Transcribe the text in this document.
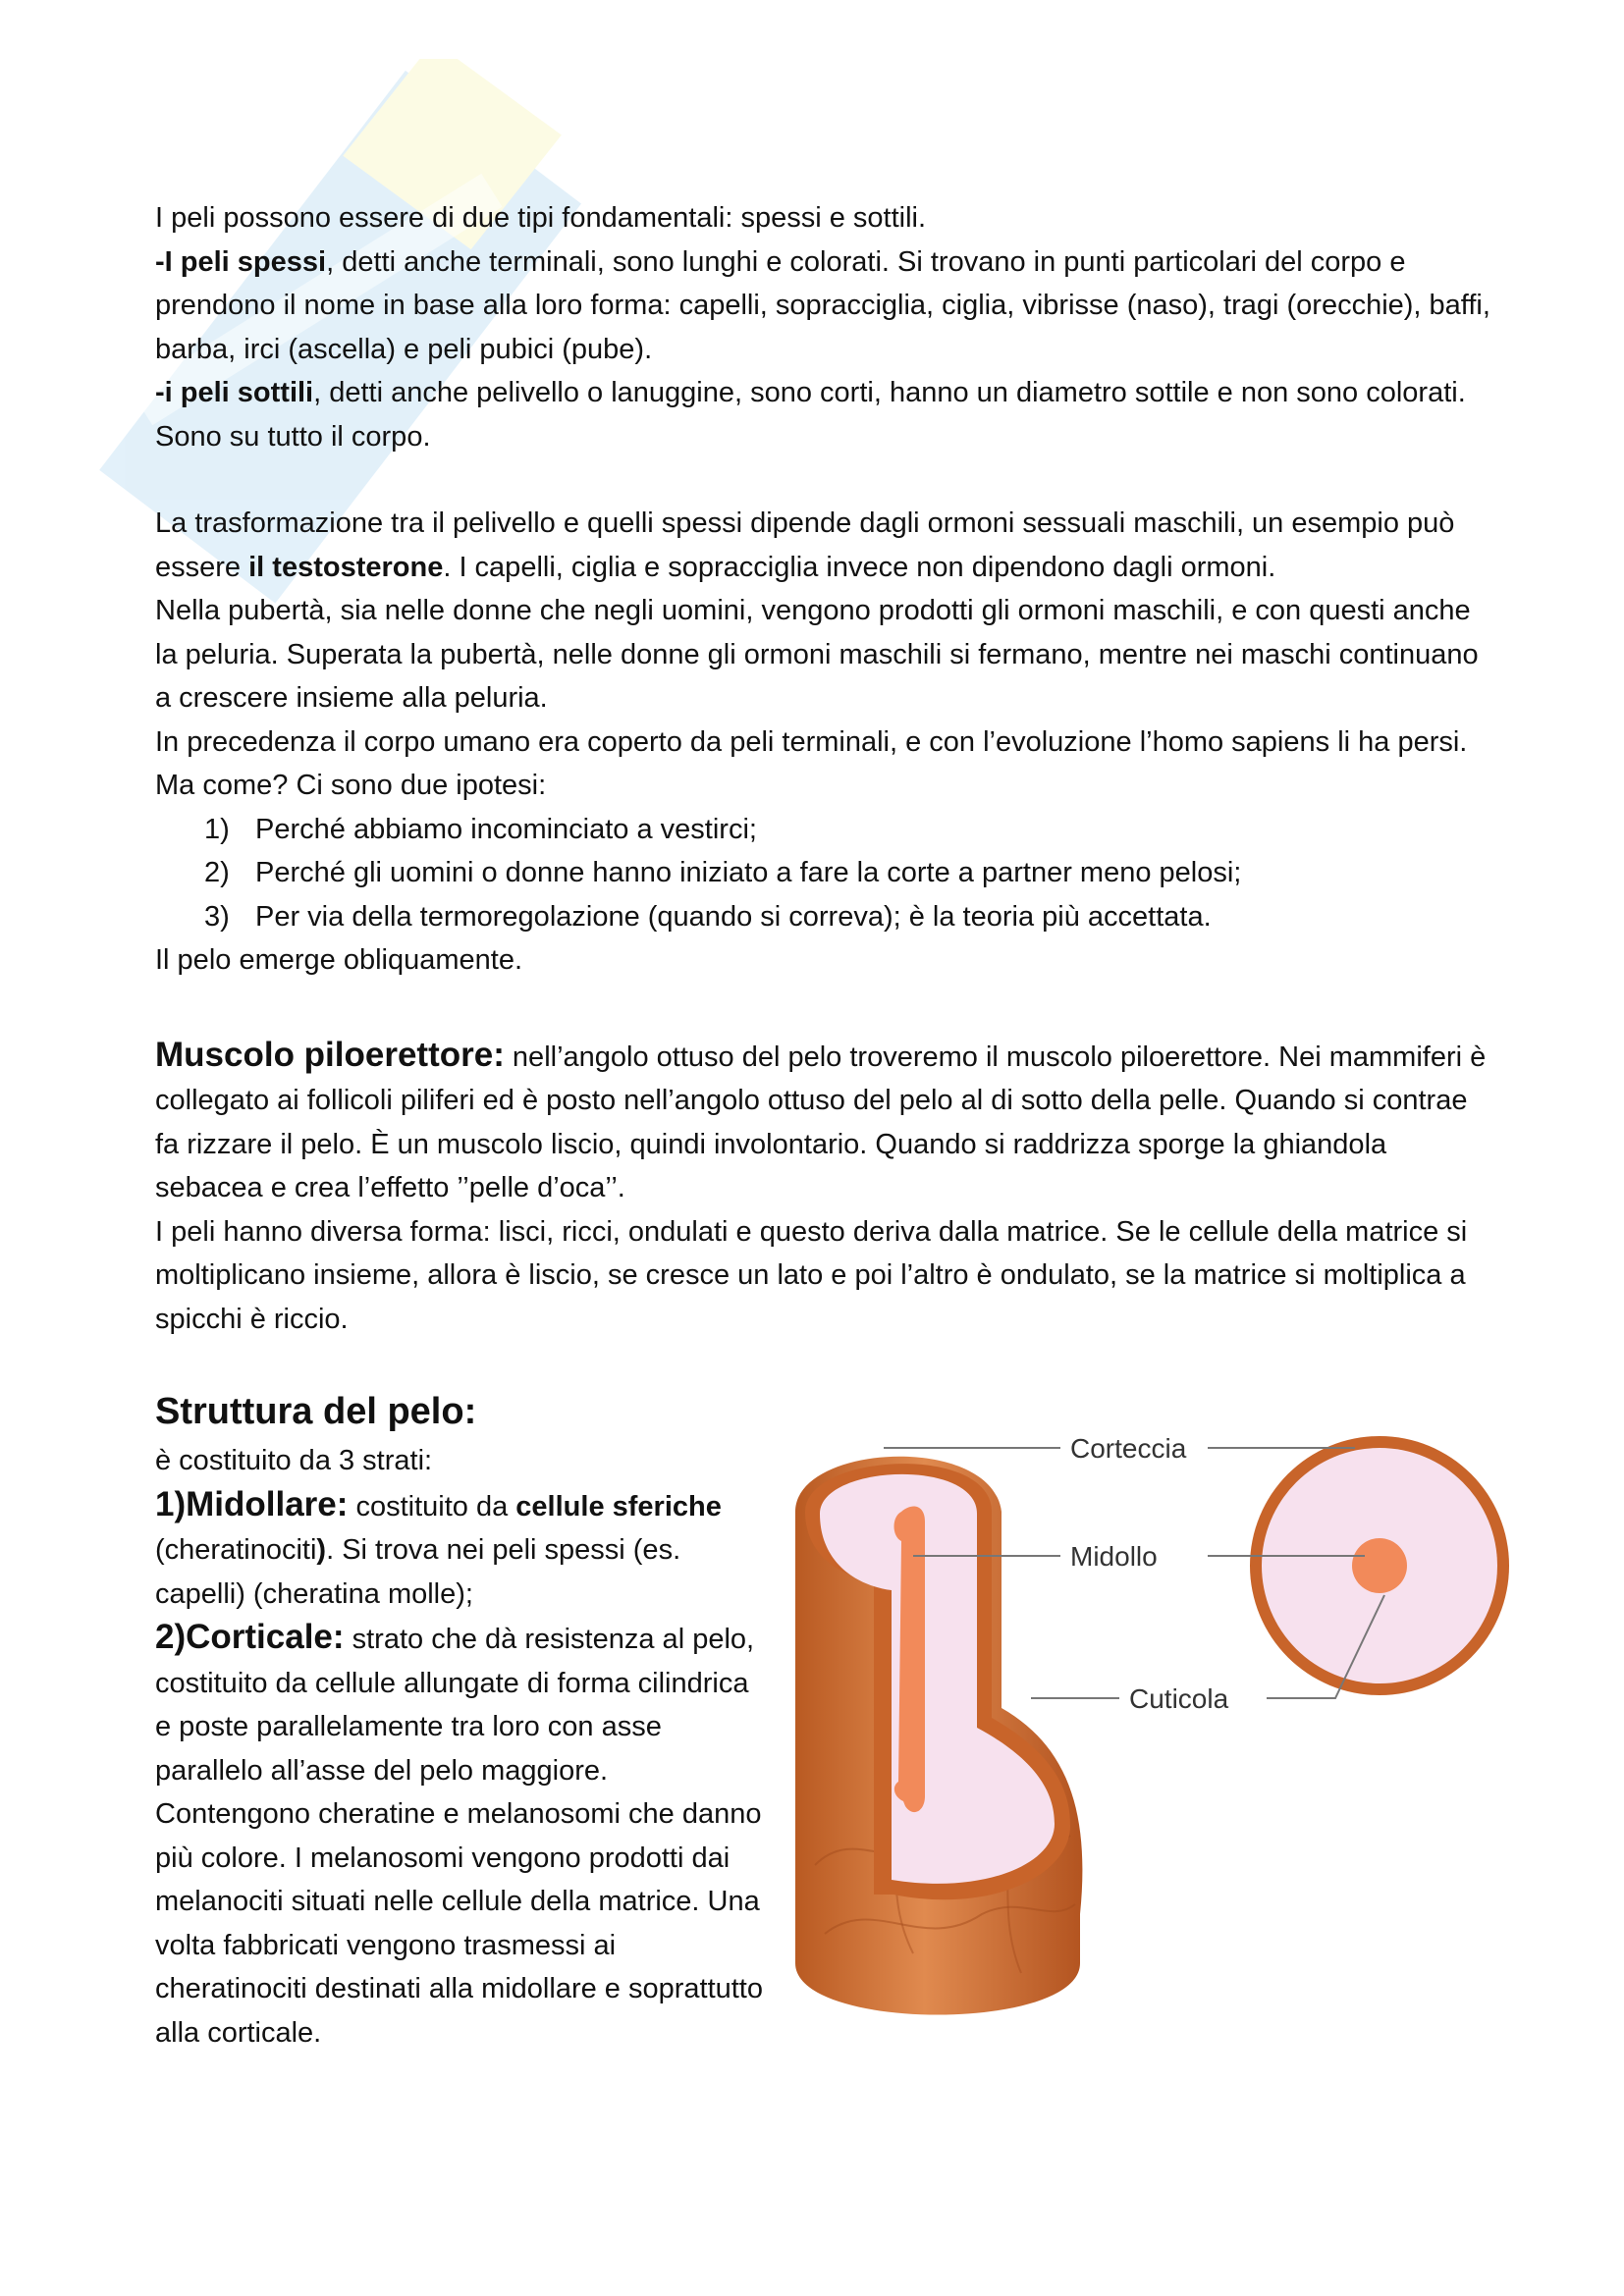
I peli possono essere di due tipi fondamentali: spessi e sottili.

-I peli spessi, detti anche terminali, sono lunghi e colorati. Si trovano in punti particolari del corpo e prendono il nome in base alla loro forma: capelli, sopracciglia, ciglia, vibrisse (naso), tragi (orecchie), baffi, barba, irci (ascella) e peli pubici (pube).

-i peli sottili, detti anche pelivello o lanuggine, sono corti, hanno un diametro sottile e non sono colorati. Sono su tutto il corpo.

La trasformazione tra il pelivello e quelli spessi dipende dagli ormoni sessuali maschili, un esempio può essere il testosterone. I capelli, ciglia e sopracciglia invece non dipendono dagli ormoni.

Nella pubertà, sia nelle donne che negli uomini, vengono prodotti gli ormoni maschili, e con questi anche la peluria. Superata la pubertà, nelle donne gli ormoni maschili si fermano, mentre nei maschi continuano a crescere insieme alla peluria.

In precedenza il corpo umano era coperto da peli terminali, e con l’evoluzione l’homo sapiens li ha persi. Ma come? Ci sono due ipotesi:

1) Perché abbiamo incominciato a vestirci;
2) Perché gli uomini o donne hanno iniziato a fare la corte a partner meno pelosi;
3) Per via della termoregolazione (quando si correva); è la teoria più accettata.

Il pelo emerge obliquamente.

Muscolo piloerettore: nell’angolo ottuso del pelo troveremo il muscolo piloerettore. Nei mammiferi è collegato ai follicoli piliferi ed è posto nell’angolo ottuso del pelo al di sotto della pelle. Quando si contrae fa rizzare il pelo. È un muscolo liscio, quindi involontario. Quando si raddrizza sporge la ghiandola sebacea e crea l’effetto ’’pelle d’oca’’.

I peli hanno diversa forma: lisci, ricci, ondulati e questo deriva dalla matrice. Se le cellule della matrice si moltiplicano insieme, allora è liscio, se cresce un lato e poi l’altro è ondulato, se la matrice si moltiplica a spicchi è riccio.

Struttura del pelo:

è costituito da 3 strati:

1)Midollare: costituito da cellule sferiche (cheratinociti). Si trova nei peli spessi (es. capelli) (cheratina molle);

2)Corticale: strato che dà resistenza al pelo, costituito da cellule allungate di forma cilindrica e poste parallelamente tra loro con asse parallelo all’asse del pelo maggiore. Contengono cheratine e melanosomi che danno più colore. I melanosomi vengono prodotti dai melanociti situati nelle cellule della matrice. Una volta fabbricati vengono trasmessi ai cheratinociti destinati alla midollare e soprattutto alla corticale.

Corteccia
Midollo
Cuticola
